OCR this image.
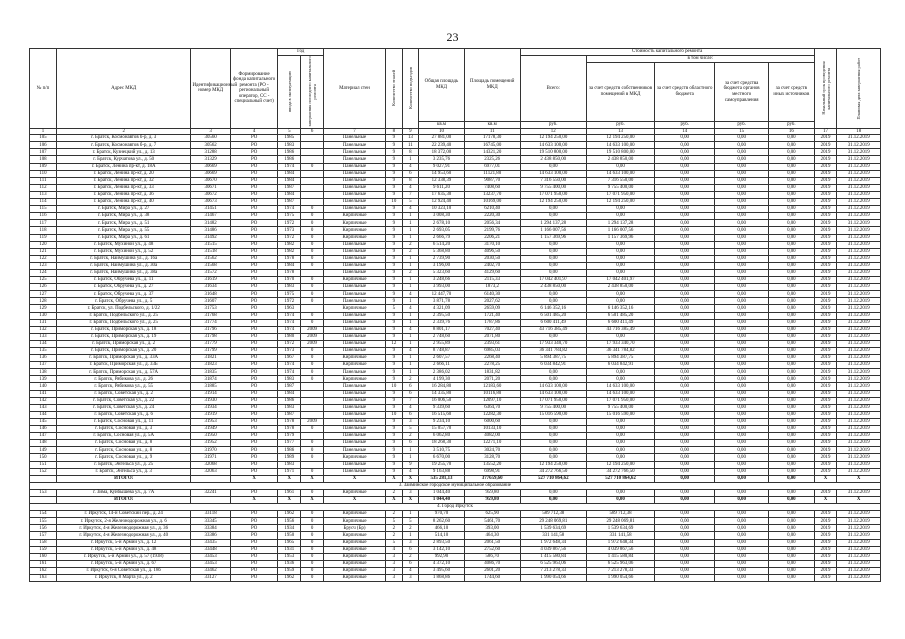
23
№ п/п	Адрес МКД	Идентификационный номер МКД	Формирование фонда капитального ремонта (РО - региональный оператор, СС - специальный счет)	Год		Материал стен	Количество этажей	Количество подъездов	Общая площадь МКД	Площадь помещений МКД	Стоимость капитального ремонта					Начальный срок проведения капитального ремонта	Плановая дата завершения работ

				ввода в эксплуатацию	завершения последнего капитального ремонта						Всего:	в том числе:					
												за счет средств собственников помещений в МКД	за счет средств областного бюджета	за счет средства бюджета органов местного самоуправления	за счет средств иных источников		
									кв.м	кв.м	руб.	руб.	руб.	руб.	руб.		
1	2	3	4	5	6	7	8	9	10	11	12	13	14	15	16	17	18
105	г. Братск, Космонавтов б-р, д. 3	30560	РО	1985		Панельные	9	13	27 881,00	17178,30	12 194 250,00	12 194 250,00	0,00	0,00	0,00	2019	31.12.2019
106	г. Братск, Космонавтов б-р, д. 7	30562	РО	1983		Панельные	9	11	22 239,40	16745,00	14 633 100,00	14 633 100,00	0,00	0,00	0,00	2019	31.12.2019
107	г. Братск, Кузнецкий ул., д. 13	31288	РО	1986		Панельные	9	8	18 372,00	14321,20	19 510 800,00	19 510 800,00	0,00	0,00	0,00	2019	31.12.2019
108	г. Братск, Курчатова ул., д. 50	31329	РО	1986		Панельные	9	1	3 235,76	2325,26	2 438 850,00	2 438 850,00	0,00	0,00	0,00	2019	31.12.2019
109	г. Братск, Ленина пр-кт, д. 18А	30669	РО	1974	0	Панельные	9	4	9 027,91	6977,01	0,00	0,00	0,00	0,00	0,00	2019	31.12.2019
110	г. Братск, Ленина пр-кт, д. 20	30669	РО	1984		Панельные	9	6	14 953,60	11121,80	14 633 100,00	14 633 100,00	0,00	0,00	0,00	2019	31.12.2019
111	г. Братск, Ленина пр-кт, д. 32	30670	РО	1984		Панельные	9	8	12 338,39	9087,70	7 316 550,00	7 316 550,00	0,00	0,00	0,00	2019	31.12.2019
112	г. Братск, Ленина пр-кт, д. 33	30671	РО	1987		Панельные	9	4	9 611,20	7408,60	9 755 400,00	9 755 400,00	0,00	0,00	0,00	2019	31.12.2019
113	г. Братск, Ленина пр-кт, д. 36	30672	РО	1984		Панельные	9	7	17 635,30	13237,70	17 071 950,00	17 071 950,00	0,00	0,00	0,00	2019	31.12.2019
114	г. Братск, Ленина пр-кт, д. 40	30673	РО	1987		Панельные	10	5	12 924,40	10169,00	12 194 250,00	12 194 250,00	0,00	0,00	0,00	2019	31.12.2019
115	г. Братск, Мира ул., д. 27	31451	РО	1974	0	Панельные	9	4	10 323,10	6210,40	0,00	0,00	0,00	0,00	0,00	2019	31.12.2019
116	г. Братск, Мира ул., д. 38	31467	РО	1975	0	Кирпичные	9	1	3 008,30	2220,30	0,00	0,00	0,00	0,00	0,00	2019	31.12.2019
117	г. Братск, Мира ул., д. 51	31482	РО	1972	0	Кирпичные	9	1	2 678,10	2056,34	1 294 137,28	1 294 137,28	0,00	0,00	0,00	2019	31.12.2019
118	г. Братск, Мира ул., д. 55	31486	РО	1973	0	Кирпичные	9	1	2 693,05	2199,76	1 166 007,56	1 166 007,56	0,00	0,00	0,00	2019	31.12.2019
119	г. Братск, Мира ул., д. 61	31492	РО	1972	0	Кирпичные	9	1	2 666,79	2206,21	1 157 369,96	1 157 369,96	0,00	0,00	0,00	2019	31.12.2019
120	г. Братск, Мухиной ул., д. 48	31515	РО	1982	0	Панельные	9	2	6 514,20	3170,10	0,00	0,00	0,00	0,00	0,00	2019	31.12.2019
121	г. Братск, Мухиной ул., д. 52	31518	РО	1982	0	Панельные	9	2	5 368,80	4096,50	0,00	0,00	0,00	0,00	0,00	2019	31.12.2019
122	г. Братск, Наймушина ул., д. 16а	31562	РО	1978	0	Панельные	9	1	2 739,90	2030,50	0,00	0,00	0,00	0,00	0,00	2019	31.12.2019
123	г. Братск, Наймушина ул., д. 30а	31568	РО	1984	0	Панельные	9	1	3 196,00	2402,70	0,00	0,00	0,00	0,00	0,00	2019	31.12.2019
124	г. Братск, Наймушина ул., д. 38а	31572	РО	1978		Панельные	9	2	5 323,60	4129,60	0,00	0,00	0,00	0,00	0,00	2019	31.12.2019
125	г. Братск, Обручева ул., д. 11	31619	РО	1970	0	Кирпичные	9	1	3 248,66	2115,33	17 042 401,97	17 042 401,97	0,00	0,00	0,00	2019	31.12.2019
126	г. Братск, Обручева ул., д. 27	31634	РО	1983	0	Панельные	9	1	3 993,00	1873,2	2 438 850,00	2 438 850,00	0,00	0,00	0,00	2019	31.12.2019
127	г. Братск, Обручева ул., д. 37	31648	РО	1975	0	Панельные	9	4	12 447,70	6140,30	0,00	0,00	0,00	0,00	0,00	2019	31.12.2019
128	г. Братск, Обручева ул., д. 5	31607	РО	1972	0	Панельные	9	1	3 871,78	2027,62	0,00	0,00	0,00	0,00	0,00	2019	31.12.2019
129	г. Братск, ул. Подбельского, д. 1/22	31753	РО	1963		Кирпичные	5	4	4 321,09	2659,09	6 146 352,16	6 146 352,16	0,00	0,00	0,00	2019	31.12.2019
130	г. Братск, Подбельского ул., д. 25	31768	РО	1974	0	Панельные	9	1	2 395,50	1721,40	6 501 485,20	6 501 485,20	0,00	0,00	0,00	2019	31.12.2019
131	г. Братск, Подбельского ул., д. 25	31774	РО	1974	0	Панельные	9	1	2 339,76	1787,86	6 600 411,49	6 600 411,49	0,00	0,00	0,00	2019	31.12.2019
132	г. Братск, Приморская ул., д. 18	31796	РО	1974	2009	Панельные	9	4	8 801,17	7027,40	43 716 385,49	43 716 385,49	0,00	0,00	0,00	2019	31.12.2019
133	г. Братск, Приморская ул., д. 19	31798	РО	1980	2009	Панельные	9	1	2 748,60	2071,80	0,00	0,00	0,00	0,00	0,00	2019	31.12.2019
134	г. Братск, Приморская ул., д. 2	31779	РО	1972	2009	Панельные	12	1	2 955,89	2393,61	17 933 340,70	17 933 340,70	0,00	0,00	0,00	2019	31.12.2019
135	г. Братск, Приморская ул., д. 20	31799	РО	1973	0	Панельные	9	4	8 748,87	6985,03	36 341 784,82	36 341 784,82	0,00	0,00	0,00	2019	31.12.2019
136	г. Братск, Приморская ул., д. 33А	31821	РО	1967	0	Кирпичные	9	1	2 607,57	2268,40	5 894 387,75	5 894 387,75	0,00	0,00	0,00	2019	31.12.2019
137	г. Братск, Приморская ул., д. 33Б	31823	РО	1974	0	Кирпичные	9	1	2 666,11	2278,25	6 034 842,91	6 034 842,91	0,00	0,00	0,00	2019	31.12.2019
138	г. Братск, Приморская ул., д. 57А	31835	РО	1974	0	Панельные	9	1	2 386,02	1831,82	0,00	0,00	0,00	0,00	0,00	2019	31.12.2019
139	г. Братск, Рябикова ул., д. 26	31874	РО	1983	0	Кирпичные	9	2	4 199,30	2071,20	0,00	0,00	0,00	0,00	0,00	2019	31.12.2019
140	г. Братск, Рябикова ул., д. 55	31885	РО	1987		Панельные	10	6	16 284,80	12183,60	14 633 100,00	14 633 100,00	0,00	0,00	0,00	2019	31.12.2019
141	г. Братск, Советская ул., д. 2	31914	РО	1984		Панельные	9	6	14 335,80	10116,80	14 633 100,00	14 633 100,00	0,00	0,00	0,00	2019	31.12.2019
142	г. Братск, Советская ул., д. 22	31930	РО	1986		Панельные	9	7	16 006,50	12097,10	17 071 950,00	17 071 950,00	0,00	0,00	0,00	2019	31.12.2019
143	г. Братск, Советская ул., д. 24	31934	РО	1983		Панельные	9	4	9 339,60	6364,70	9 755 400,00	9 755 400,00	0,00	0,00	0,00	2019	31.12.2019
144	г. Братск, Советская ул., д. 6	31919	РО	1987		Панельные	10	6	16 515,60	12282,30	15 016 590,00	15 016 590,00	0,00	0,00	0,00	2019	31.12.2019
145	г. Братск, Сосновая ул., д. 11	31953	РО	1978	2009	Панельные	9	3	9 234,10	6000,60	0,00	0,00	0,00	0,00	0,00	2019	31.12.2019
146	г. Братск, Сосновая ул., д. 3	31949	РО	1978	0	Панельные	9	5	15 057,70	10133,10	0,00	0,00	0,00	0,00	0,00	2019	31.12.2019
147	г. Братск, Сосновая ул., д. 5А	31950	РО	1979		Панельные	9	2	6 062,80	4082,00	0,00	0,00	0,00	0,00	0,00	2019	31.12.2019
148	г. Братск, Сосновая ул., д. 8	31952	РО	1977	0	Панельные	9	6	18 268,30	12271,10	0,00	0,00	0,00	0,00	0,00	2019	31.12.2019
149	г. Братск, Сосновая ул., д. 8	31970	РО	1986	0	Панельные	9	1	3 510,75	3024,70	0,00	0,00	0,00	0,00	0,00	2019	31.12.2019
150	г. Братск, Сосновая ул., д. 9	31971	РО	1989	0	Кирпичные	9	1	6 670,00	3128,70	0,00	0,00	0,00	0,00	0,00	2019	31.12.2019
151	г. Братск, Энгельса ул., д. 25	32068	РО	1983		Панельные	9	9	19 255,70	13552,20	12 194 250,00	12 194 250,00	0,00	0,00	0,00	2019	31.12.2019
152	г. Братск, Энгельса ул., д. 3	32063	РО	1971	0	Панельные	9	4	9 163,88	6998,91	34 272 766,50	34 272 766,50	0,00	0,00	0,00	2019	31.12.2019
	ИТОГО:		X	X	X	X	X	X	535 281,13	377659,60	527 710 864,62	527 710 864,62	0,00	0,00	0,00	X	X
3. Заиминское городское муниципальное образование																	
153	г. Зима, Куйбышева ул., д. 7А	32241	РО	1961	0	Кирпичные	2	3	1 044,40	959,80	0,00	0,00	0,00	0,00	0,00	2019	31.12.2019
	ИТОГО:		X	X	X	X	X	X	1 044,40	959,80	0,00	0,00	0,00	0,00	0,00	X	X
4. Город Иркутск																	
154	г. Иркутск, 14-й Советский пер., д. 24	33118	РО	1962	0	Кирпичные	2	1	970,70	625,90	589 712,38	589 712,38	0,00	0,00	0,00	2019	31.12.2019
155	г. Иркутск, 2-я Железнодорожная ул., д. 6	33345	РО	1956	0	Кирпичные	5	5	8 262,60	5461,70	29 248 069,81	29 248 069,81	0,00	0,00	0,00	2019	31.12.2019
156	г. Иркутск, 4-я Железнодорожная ул., д. 36	33384	РО	1934	0	Брусч (Бр)	2	2	466,10	393,00	1 539 634,69	1 539 634,69	0,00	0,00	0,00	2019	31.12.2019
157	г. Иркутск, 4-я Железнодорожная ул., д. 40	33386	РО	1950	0	Кирпичные	2	1	514,10	464,30	331 141,58	331 141,58	0,00	0,00	0,00	2019	31.12.2019
158	г. Иркутск, 5-й Армии ул., д. 12	33435	РО	1965	0	Кирпичные	5	3	2 893,50	2061,50	1 972 648,34	1 972 648,34	0,00	0,00	0,00	2019	31.12.2019
159	г. Иркутск, 5-й Армии ул., д. 48	33448	РО	1931	0	Кирпичные	4	6	3 142,10	2752,60	4 039 867,56	4 039 867,56	0,00	0,00	0,00	2019	31.12.2019
160	г. Иркутск, 5-й Армии ул., д. 57 (1938)	33453	РО	1953	0	Кирпичные	3	2	992,90	586,70	1 415 580,84	1 415 580,84	0,00	0,00	0,00	2019	31.12.2019
161	г. Иркутск, 5-й Армии ул., д. 67	33453	РО	1936	0	Кирпичные	3	6	4 372,10	4086,70	6 525 963,06	6 525 963,06	0,00	0,00	0,00	2019	31.12.2019
162	г. Иркутск, 6-я Советская ул., д. 18б	33462	РО	1959	0	Кирпичные	3	4	3 495,60	2601,20	7 213 278,33	7 213 278,33	0,00	0,00	0,00	2019	31.12.2019
163	г. Иркутск, 8 Марта ул., д. 2	33127	РО	1962	0	Кирпичные	3	3	1 868,86	1744,60	1 990 054,66	1 990 054,66	0,00	0,00	0,00	2019	31.12.2019
